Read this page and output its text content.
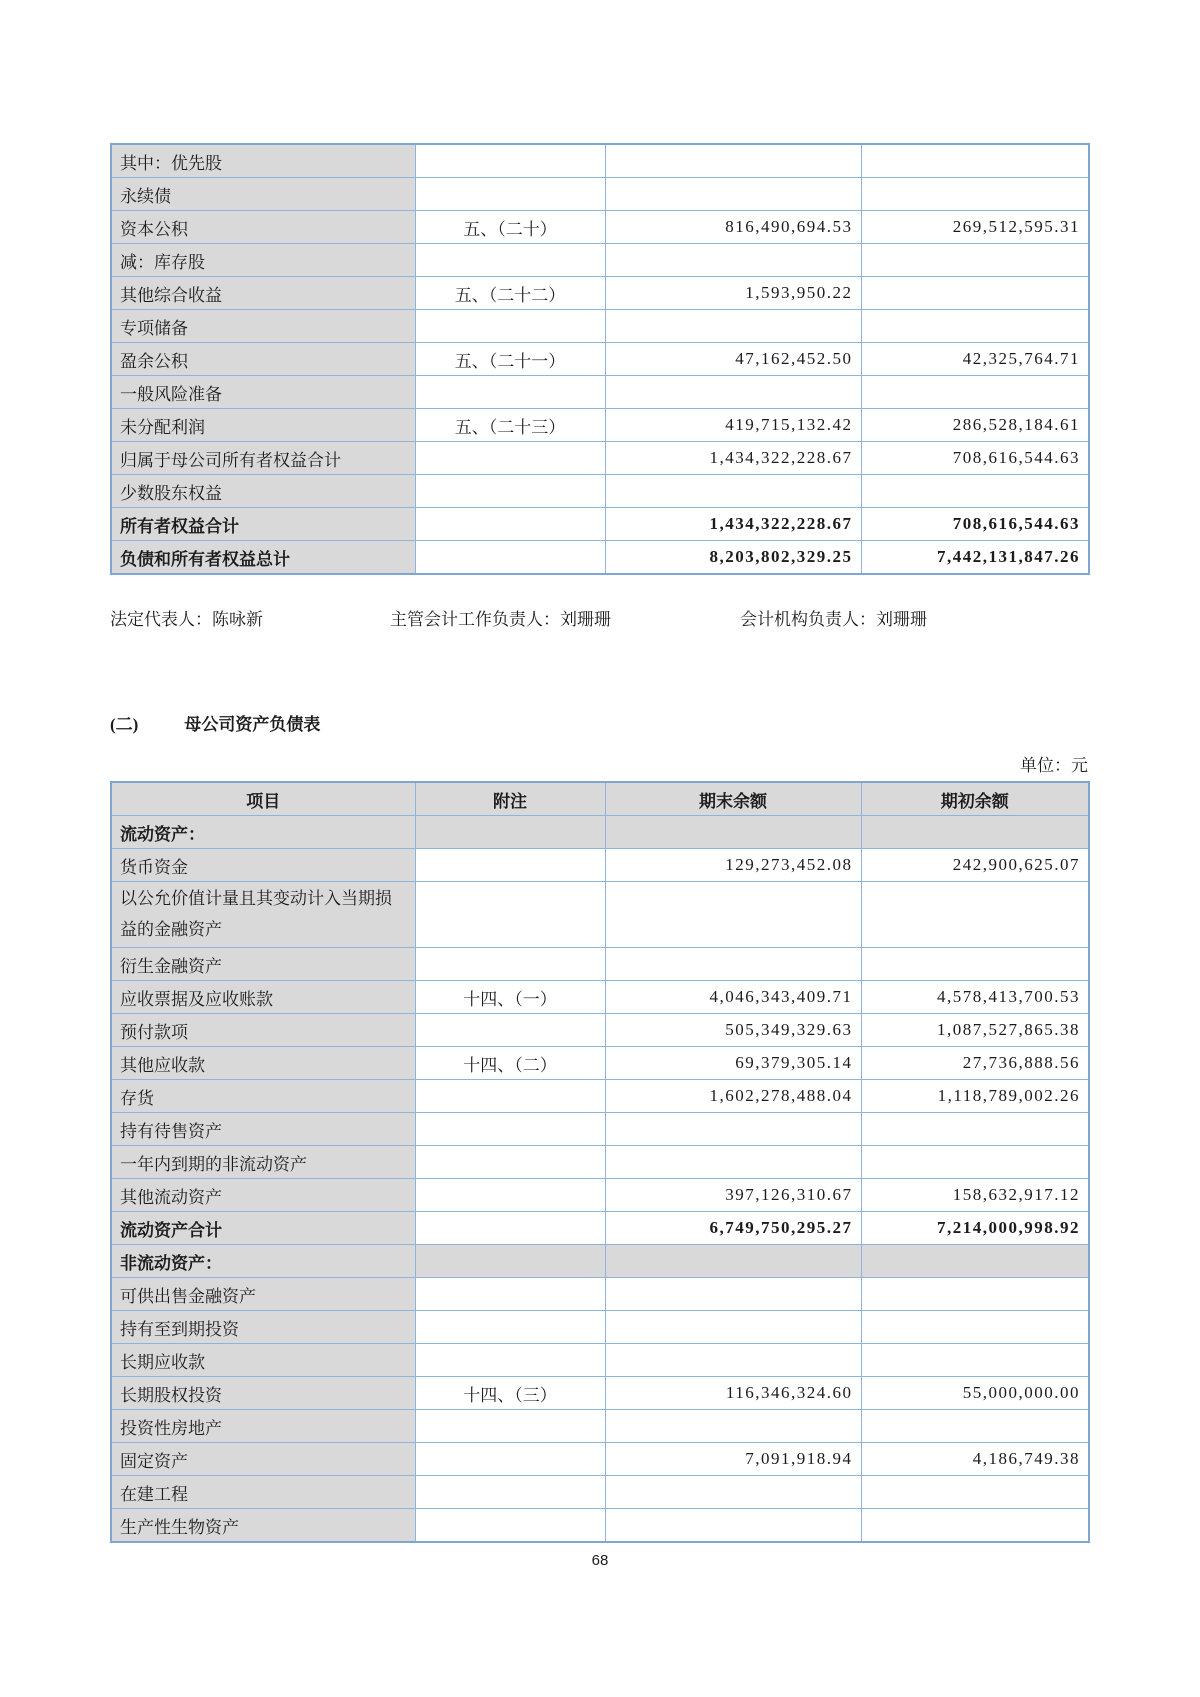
其中：优先股			
永续债			
资本公积	五、（二十）	816,490,694.53	269,512,595.31
减：库存股			
其他综合收益	五、（二十二）	1,593,950.22	
专项储备			
盈余公积	五、（二十一）	47,162,452.50	42,325,764.71
一般风险准备			
未分配利润	五、（二十三）	419,715,132.42	286,528,184.61
归属于母公司所有者权益合计		1,434,322,228.67	708,616,544.63
少数股东权益			
所有者权益合计		1,434,322,228.67	708,616,544.63
负债和所有者权益总计		8,203,802,329.25	7,442,131,847.26
法定代表人：陈咏新	主管会计工作负责人：刘珊珊	会计机构负责人：刘珊珊
(二)	母公司资产负债表
单位：元
项目	附注	期末余额	期初余额
流动资产：			
货币资金		129,273,452.08	242,900,625.07
以公允价值计量且其变动计入当期损益的金融资产			
衍生金融资产			
应收票据及应收账款	十四、（一）	4,046,343,409.71	4,578,413,700.53
预付款项		505,349,329.63	1,087,527,865.38
其他应收款	十四、（二）	69,379,305.14	27,736,888.56
存货		1,602,278,488.04	1,118,789,002.26
持有待售资产			
一年内到期的非流动资产			
其他流动资产		397,126,310.67	158,632,917.12
流动资产合计		6,749,750,295.27	7,214,000,998.92
非流动资产：			
可供出售金融资产			
持有至到期投资			
长期应收款			
长期股权投资	十四、（三）	116,346,324.60	55,000,000.00
投资性房地产			
固定资产		7,091,918.94	4,186,749.38
在建工程			
生产性生物资产			
68
